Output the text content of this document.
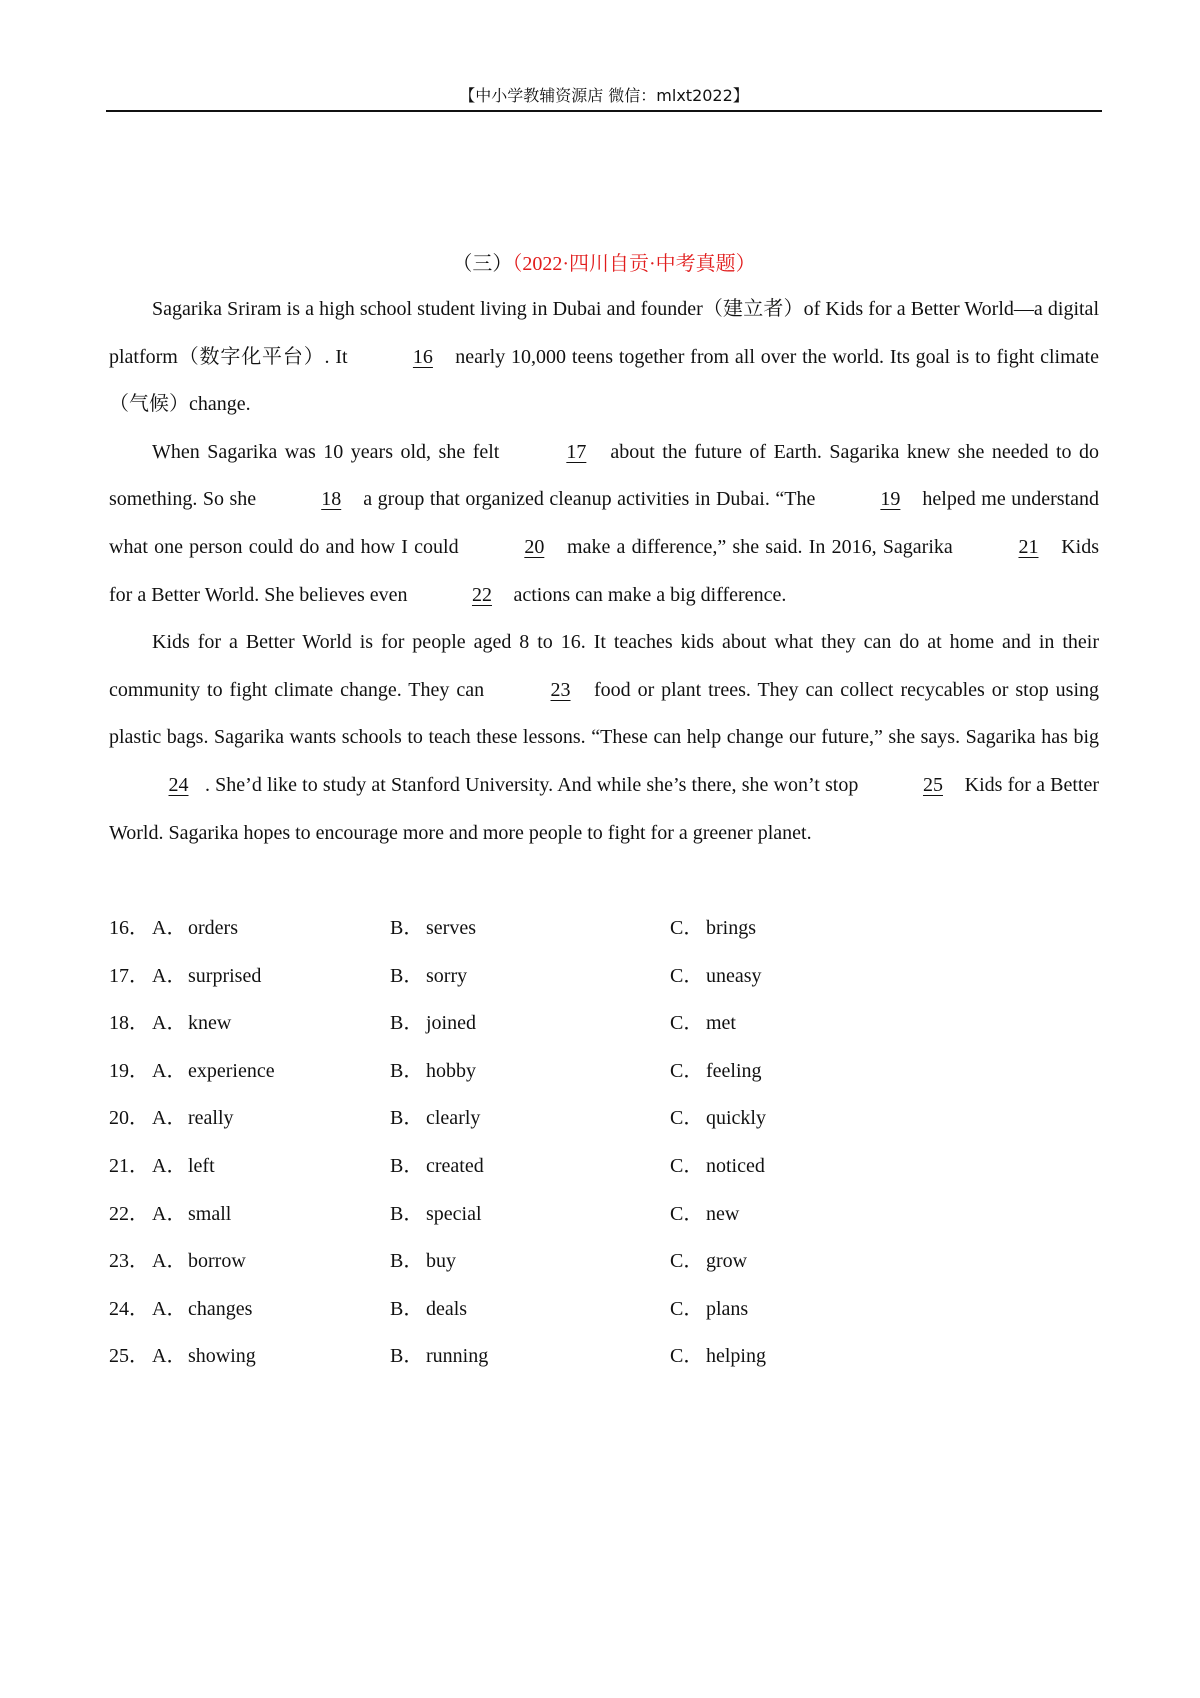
【中小学教辅资源店 微信：mlxt2022】
（三）（2022·四川自贡·中考真题）

Sagarika Sriram is a high school student living in Dubai and founder（建立者）of Kids for a Better World—a digital platform（数字化平台）. It	16 nearly 10,000 teens together from all over the world. Its goal is to fight climate（气候）change.

When Sagarika was 10 years old, she felt	17 about the future of Earth. Sagarika knew she needed to do something. So she	18 a group that organized cleanup activities in Dubai. “The	19 helped me understand what one person could do and how I could	20 make a difference,” she said. In 2016, Sagarika	21 Kids for a Better World. She believes even	22 actions can make a big difference.

Kids for a Better World is for people aged 8 to 16. It teaches kids about what they can do at home and in their community to fight climate change. They can	23 food or plant trees. They can collect recycables or stop using plastic bags. Sagarika wants schools to teach these lessons. “These can help change our future,” she says. Sagarika has big 24 . She’d like to study at Stanford University. And while she’s there, she won’t stop	25 Kids for a Better World. Sagarika hopes to encourage more and more people to fight for a greener planet.

16． A．orders	B． serves	C． brings
17． A．surprised	B． sorry	C． uneasy
18． A．knew	B． joined	C． met
19． A．experience	B． hobby	C． feeling
20． A．really	B． clearly	C． quickly
21． A．left	B． created	C． noticed
22． A．small	B． special	C． new
23． A．borrow	B． buy	C． grow
24． A．changes	B． deals	C． plans
25． A．showing	B． running	C． helping
